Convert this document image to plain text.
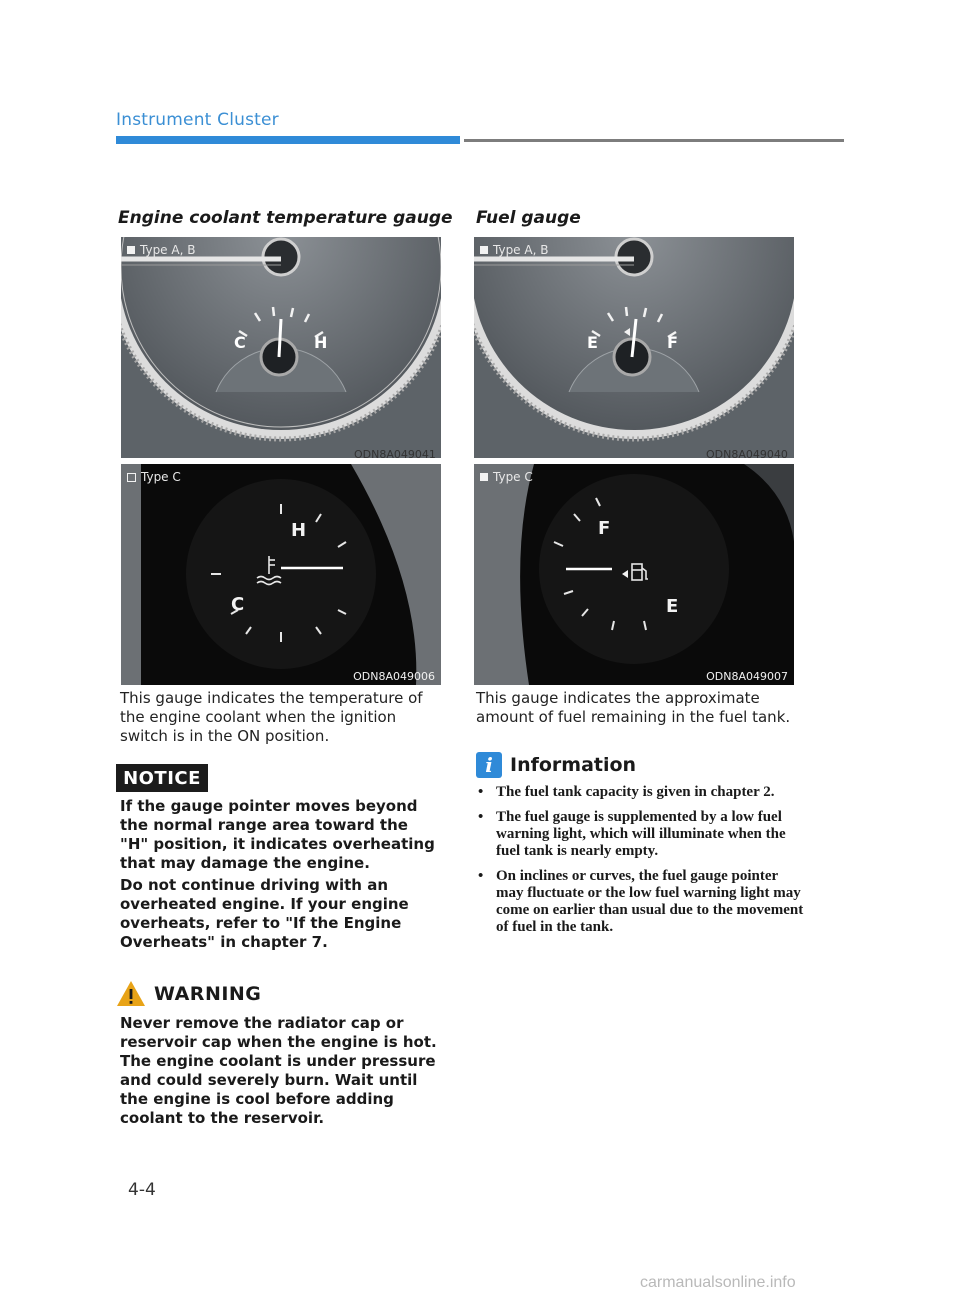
Instrument Cluster
Engine coolant temperature gauge
C	H
Type A, B
ODN8A049041
H
C
Type C
ODN8A049006
This gauge indicates the temperature of the engine coolant when the ignition switch is in the ON position.
NOTICE
If the gauge pointer moves beyond the normal range area toward the "H" position, it indicates overheating that may damage the engine.
Do not continue driving with an overheated engine. If your engine overheats, refer to "If the Engine Overheats" in chapter 7.
WARNING
Never remove the radiator cap or reservoir cap when the engine is hot. The engine coolant is under pressure and could severely burn. Wait until the engine is cool before adding coolant to the reservoir.
Fuel gauge
E	F
Type A, B
ODN8A049040
F
E
Type C
ODN8A049007
This gauge indicates the approximate amount of fuel remaining in the fuel tank.
i Information
• The fuel tank capacity is given in chapter 2.
• The fuel gauge is supplemented by a low fuel warning light, which will illuminate when the fuel tank is nearly empty.
• On inclines or curves, the fuel gauge pointer may fluctuate or the low fuel warning light may come on earlier than usual due to the movement of fuel in the tank.
4-4
carmanualsonline.info
